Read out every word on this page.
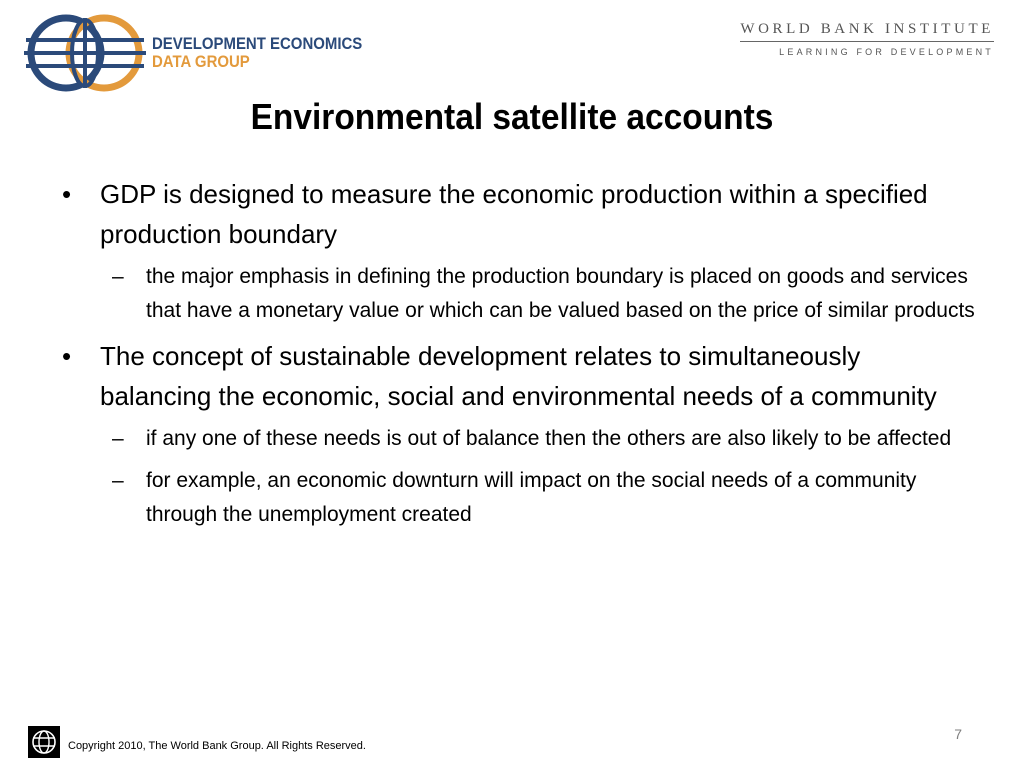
DEVELOPMENT ECONOMICS
DATA GROUP
WORLD BANK INSTITUTE
LEARNING FOR DEVELOPMENT
Environmental satellite accounts
• GDP is designed to measure the economic production within a specified production boundary
– the major emphasis in defining the production boundary is placed on goods and services that have a monetary value or which can be valued based on the price of similar products
• The concept of sustainable development relates to simultaneously balancing the economic, social and environmental needs of a community
– if any one of these needs is out of balance then the others are also likely to be affected
– for example, an economic downturn will impact on the social needs of a community through the unemployment created
Copyright 2010, The World Bank Group. All Rights Reserved.
7
